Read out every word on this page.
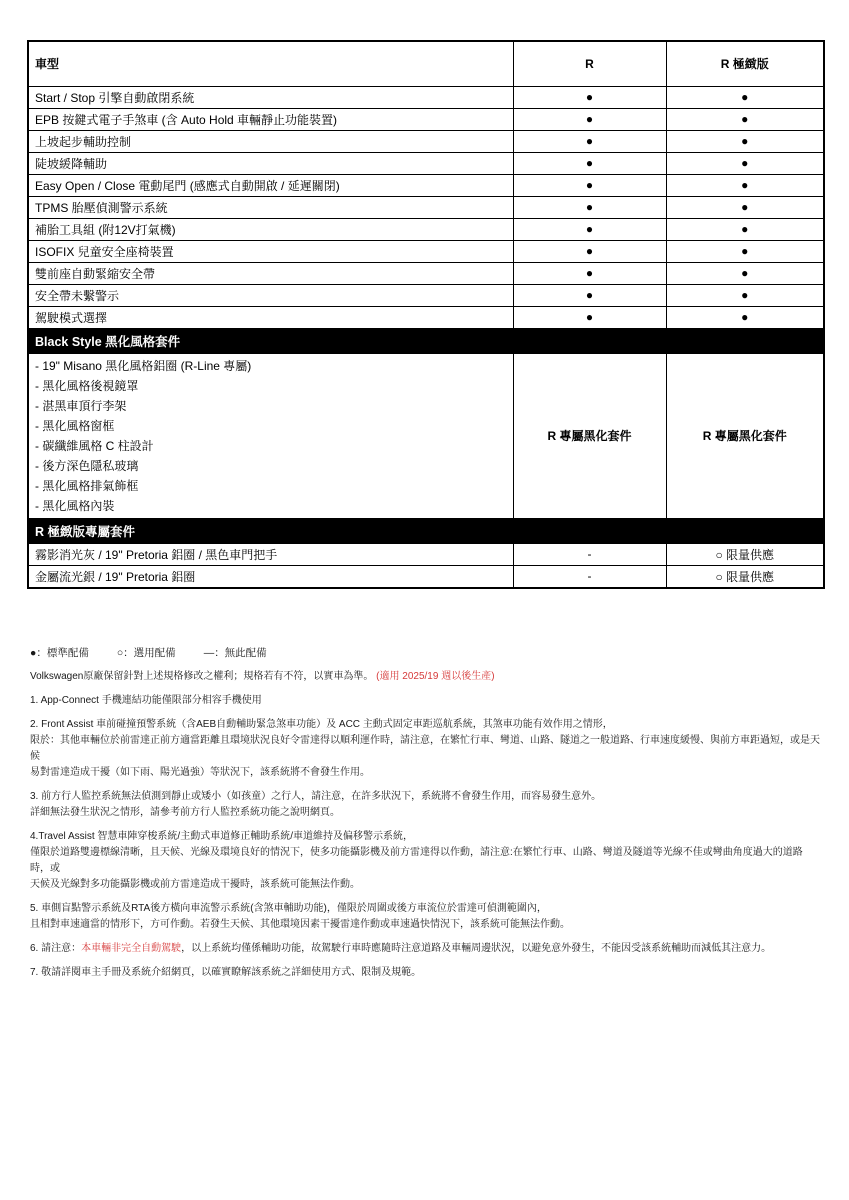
車型	R	R 極緻版
Start / Stop 引擎自動啟閉系統	●	●
EPB 按鍵式電子手煞車 (含 Auto Hold 車輛靜止功能裝置)	●	●
上坡起步輔助控制	●	●
陡坡緩降輔助	●	●
Easy Open / Close 電動尾門 (感應式自動開啟 / 延遲關閉)	●	●
TPMS 胎壓偵測警示系統	●	●
補胎工具組 (附12V打氣機)	●	●
ISOFIX 兒童安全座椅裝置	●	●
雙前座自動緊縮安全帶	●	●
安全帶未繫警示	●	●
駕駛模式選擇	●	●
Black Style 黑化風格套件		

- 19" Misano 黑化風格鋁圈 (R-Line 專屬)
- 黑化風格後視鏡罩
- 湛黑車頂行李架
- 黑化風格窗框
- 碳纖維風格 C 柱設計
- 後方深色隱私玻璃
- 黑化風格排氣飾框
- 黑化風格內裝
	R 專屬黑化套件	R 專屬黑化套件
R 極緻版專屬套件		
霧影消光灰 / 19" Pretoria 鋁圈 / 黑色車門把手	-	○ 限量供應
金屬流光銀 / 19" Pretoria 鋁圈	-	○ 限量供應
●：標準配備	○：選用配備	—：無此配備
Volkswagen原廠保留針對上述規格修改之權利；規格若有不符，以實車為準。 (適用 2025/19 週以後生產)
1. App-Connect 手機連結功能僅限部分相容手機使用
2. Front Assist 車前碰撞預警系統（含AEB自動輔助緊急煞車功能）及 ACC 主動式固定車距巡航系統，其煞車功能有效作用之情形，
限於：其他車輛位於前雷達正前方適當距離且環境狀況良好令雷達得以順利運作時，請注意，在繁忙行車、彎道、山路、隧道之一般道路、行車速度緩慢、與前方車距過短，或是天候
易對雷達造成干擾（如下雨、陽光過強）等狀況下，該系統將不會發生作用。
3. 前方行人監控系統無法偵測到靜止或矮小（如孩童）之行人，請注意，在許多狀況下，系統將不會發生作用，而容易發生意外。
詳細無法發生狀況之情形，請參考前方行人監控系統功能之說明網頁。
4.Travel Assist 智慧車陣穿梭系統/主動式車道修正輔助系統/車道維持及偏移警示系統，
僅限於道路雙邊標線清晰，且天候、光線及環境良好的情況下，使多功能攝影機及前方雷達得以作動，請注意:在繁忙行車、山路、彎道及隧道等光線不佳或彎曲角度過大的道路時，或
天候及光線對多功能攝影機或前方雷達造成干擾時，該系統可能無法作動。
5. 車側盲點警示系統及RTA後方橫向車流警示系統(含煞車輔助功能)，僅限於周圍或後方車流位於雷達可偵測範圍內，
且相對車速適當的情形下，方可作動。若發生天候、其他環境因素干擾雷達作動或車速過快情況下，該系統可能無法作動。
6. 請注意：本車輛非完全自動駕駛，以上系統均僅係輔助功能，故駕駛行車時應隨時注意道路及車輛周邊狀況，以避免意外發生，不能因受該系統輔助而減低其注意力。
7. 敬請詳閱車主手冊及系統介紹網頁，以確實瞭解該系統之詳細使用方式、限制及規範。
